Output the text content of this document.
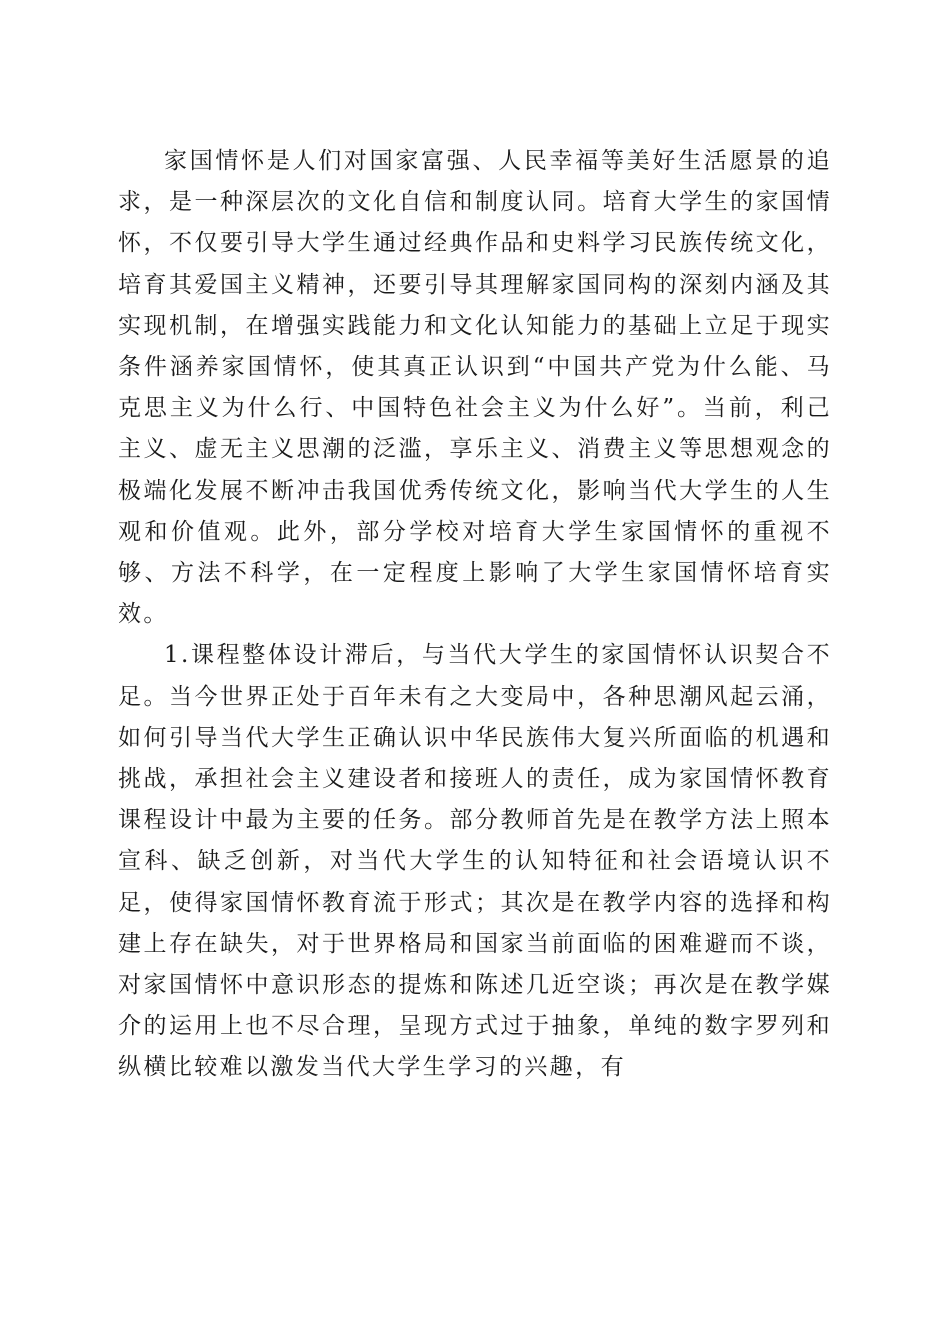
家国情怀是人们对国家富强、人民幸福等美好生活愿景的追求，是一种深层次的文化自信和制度认同。培育大学生的家国情怀，不仅要引导大学生通过经典作品和史料学习民族传统文化，培育其爱国主义精神，还要引导其理解家国同构的深刻内涵及其实现机制，在增强实践能力和文化认知能力的基础上立足于现实条件涵养家国情怀，使其真正认识到“中国共产党为什么能、马克思主义为什么行、中国特色社会主义为什么好”。当前，利己主义、虚无主义思潮的泛滥，享乐主义、消费主义等思想观念的极端化发展不断冲击我国优秀传统文化，影响当代大学生的人生观和价值观。此外，部分学校对培育大学生家国情怀的重视不够、方法不科学，在一定程度上影响了大学生家国情怀培育实效。

1.课程整体设计滞后，与当代大学生的家国情怀认识契合不足。当今世界正处于百年未有之大变局中，各种思潮风起云涌，如何引导当代大学生正确认识中华民族伟大复兴所面临的机遇和挑战，承担社会主义建设者和接班人的责任，成为家国情怀教育课程设计中最为主要的任务。部分教师首先是在教学方法上照本宣科、缺乏创新，对当代大学生的认知特征和社会语境认识不足，使得家国情怀教育流于形式；其次是在教学内容的选择和构建上存在缺失，对于世界格局和国家当前面临的困难避而不谈，对家国情怀中意识形态的提炼和陈述几近空谈；再次是在教学媒介的运用上也不尽合理，呈现方式过于抽象，单纯的数字罗列和纵横比较难以激发当代大学生学习的兴趣，有
